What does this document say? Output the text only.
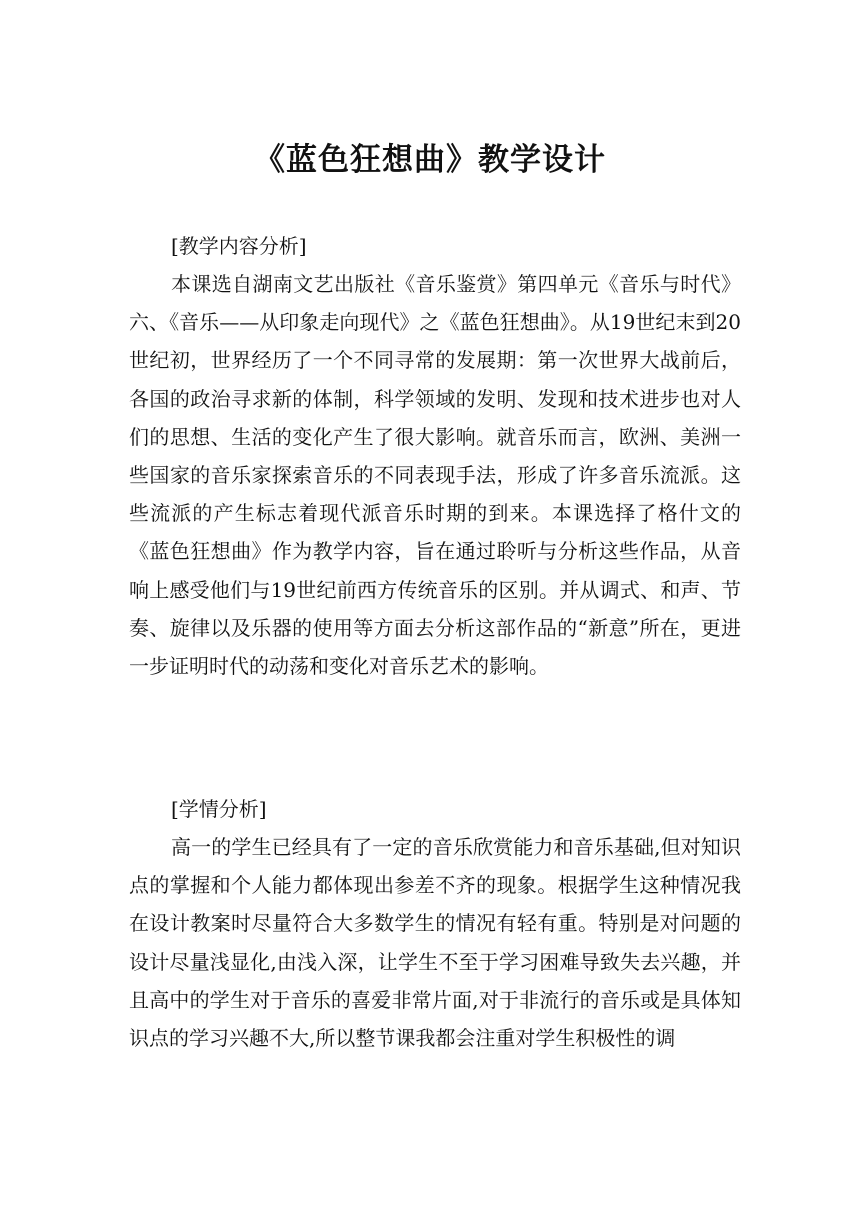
《蓝色狂想曲》教学设计
[教学内容分析]

本课选自湖南文艺出版社《音乐鉴赏》第四单元《音乐与时代》六、《音乐——从印象走向现代》之《蓝色狂想曲》。从19世纪末到20世纪初，世界经历了一个不同寻常的发展期：第一次世界大战前后，各国的政治寻求新的体制，科学领域的发明、发现和技术进步也对人们的思想、生活的变化产生了很大影响。就音乐而言，欧洲、美洲一些国家的音乐家探索音乐的不同表现手法，形成了许多音乐流派。这些流派的产生标志着现代派音乐时期的到来。本课选择了格什文的《蓝色狂想曲》作为教学内容，旨在通过聆听与分析这些作品，从音响上感受他们与19世纪前西方传统音乐的区别。并从调式、和声、节奏、旋律以及乐器的使用等方面去分析这部作品的“新意”所在，更进一步证明时代的动荡和变化对音乐艺术的影响。

[学情分析]

高一的学生已经具有了一定的音乐欣赏能力和音乐基础,但对知识点的掌握和个人能力都体现出参差不齐的现象。根据学生这种情况我在设计教案时尽量符合大多数学生的情况有轻有重。特别是对问题的设计尽量浅显化,由浅入深，让学生不至于学习困难导致失去兴趣，并且高中的学生对于音乐的喜爱非常片面,对于非流行的音乐或是具体知识点的学习兴趣不大,所以整节课我都会注重对学生积极性的调
